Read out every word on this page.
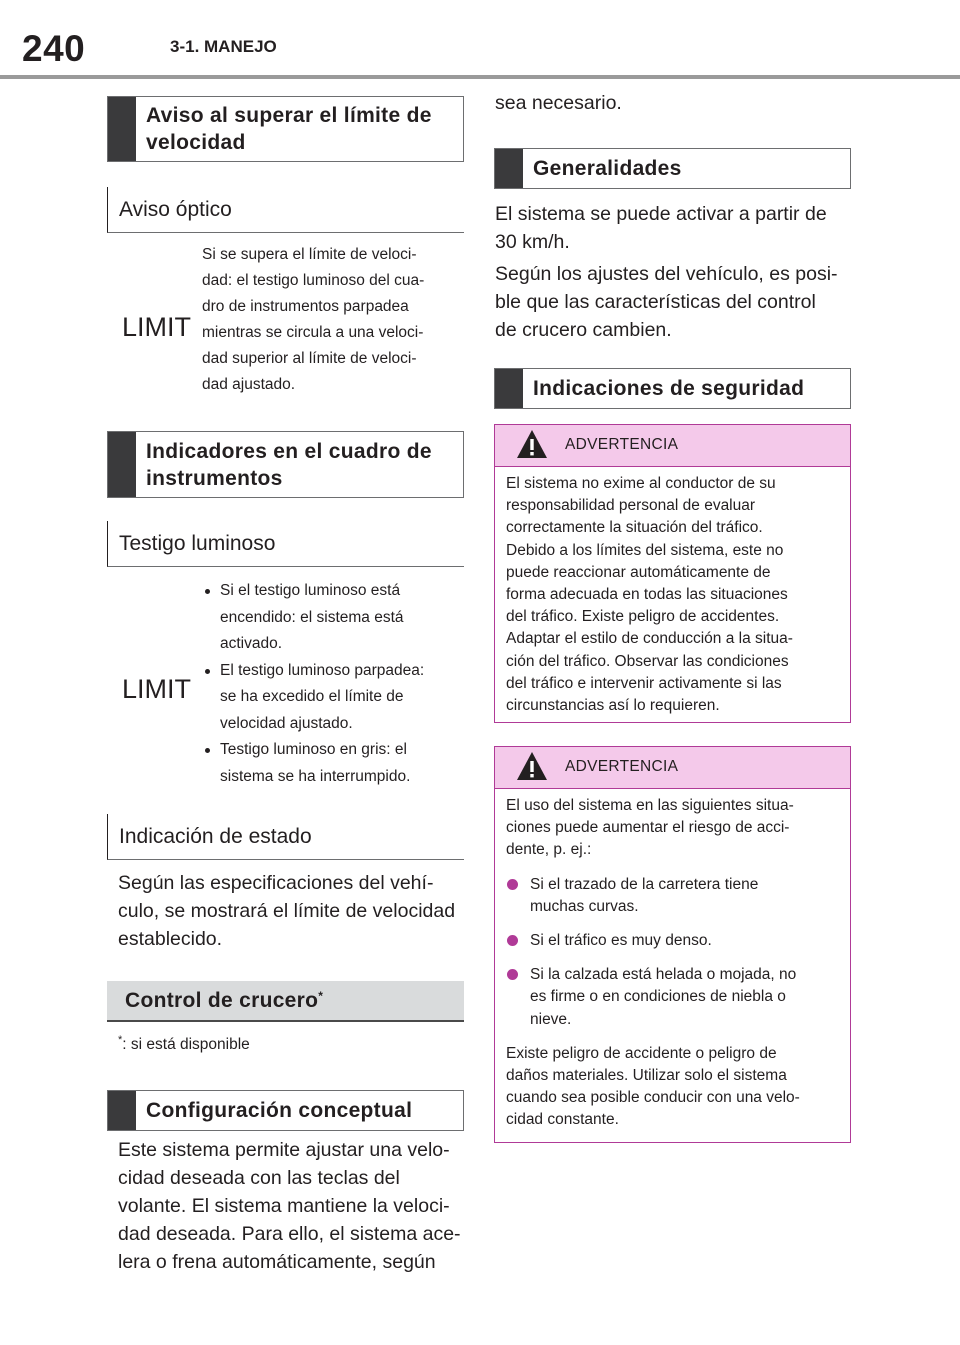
240	3-1. MANEJO
Aviso al superar el límite de velocidad
Aviso óptico
LIMIT
Si se supera el límite de veloci-
dad: el testigo luminoso del cua-
dro de instrumentos parpadea
mientras se circula a una veloci-
dad superior al límite de veloci-
dad ajustado.
Indicadores en el cuadro de instrumentos
Testigo luminoso
LIMIT
Si el testigo luminoso está
encendido: el sistema está
activado.
El testigo luminoso parpadea:
se ha excedido el límite de
velocidad ajustado.
Testigo luminoso en gris: el
sistema se ha interrumpido.
Indicación de estado
Según las especificaciones del vehí-
culo, se mostrará el límite de velocidad
establecido.
Control de crucero*
*: si está disponible
Configuración conceptual
Este sistema permite ajustar una velo-
cidad deseada con las teclas del
volante. El sistema mantiene la veloci-
dad deseada. Para ello, el sistema ace-
lera o frena automáticamente, según
sea necesario.
Generalidades
El sistema se puede activar a partir de
30 km/h.
Según los ajustes del vehículo, es posi-
ble que las características del control
de crucero cambien.
Indicaciones de seguridad
ADVERTENCIA
El sistema no exime al conductor de su
responsabilidad personal de evaluar
correctamente la situación del tráfico.
Debido a los límites del sistema, este no
puede reaccionar automáticamente de
forma adecuada en todas las situaciones
del tráfico. Existe peligro de accidentes.
Adaptar el estilo de conducción a la situa-
ción del tráfico. Observar las condiciones
del tráfico e intervenir activamente si las
circunstancias así lo requieren.
ADVERTENCIA
El uso del sistema en las siguientes situa-
ciones puede aumentar el riesgo de acci-
dente, p. ej.:
Si el trazado de la carretera tiene
muchas curvas.
Si el tráfico es muy denso.
Si la calzada está helada o mojada, no
es firme o en condiciones de niebla o
nieve.
Existe peligro de accidente o peligro de
daños materiales. Utilizar solo el sistema
cuando sea posible conducir con una velo-
cidad constante.
